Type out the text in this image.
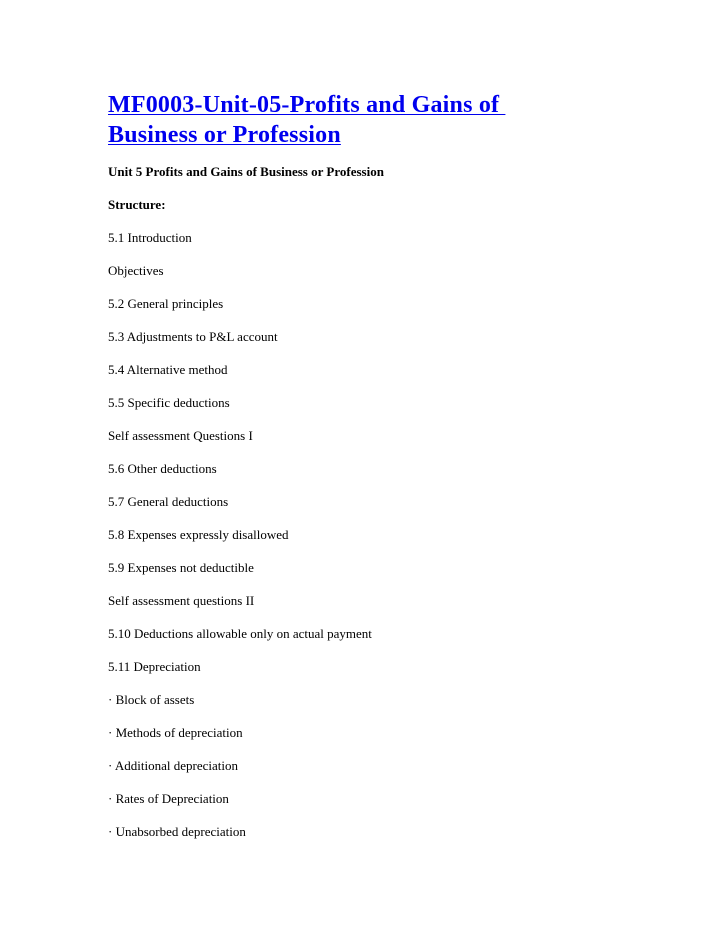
MF0003-Unit-05-Profits and Gains of
Business or Profession

Unit 5 Profits and Gains of Business or Profession

Structure:

5.1 Introduction
Objectives
5.2 General principles
5.3 Adjustments to P&L account
5.4 Alternative method
5.5 Specific deductions
Self assessment Questions I
5.6 Other deductions
5.7 General deductions
5.8 Expenses expressly disallowed
5.9 Expenses not deductible
Self assessment questions II
5.10 Deductions allowable only on actual payment
5.11 Depreciation
· Block of assets
· Methods of depreciation
· Additional depreciation
· Rates of Depreciation
· Unabsorbed depreciation
